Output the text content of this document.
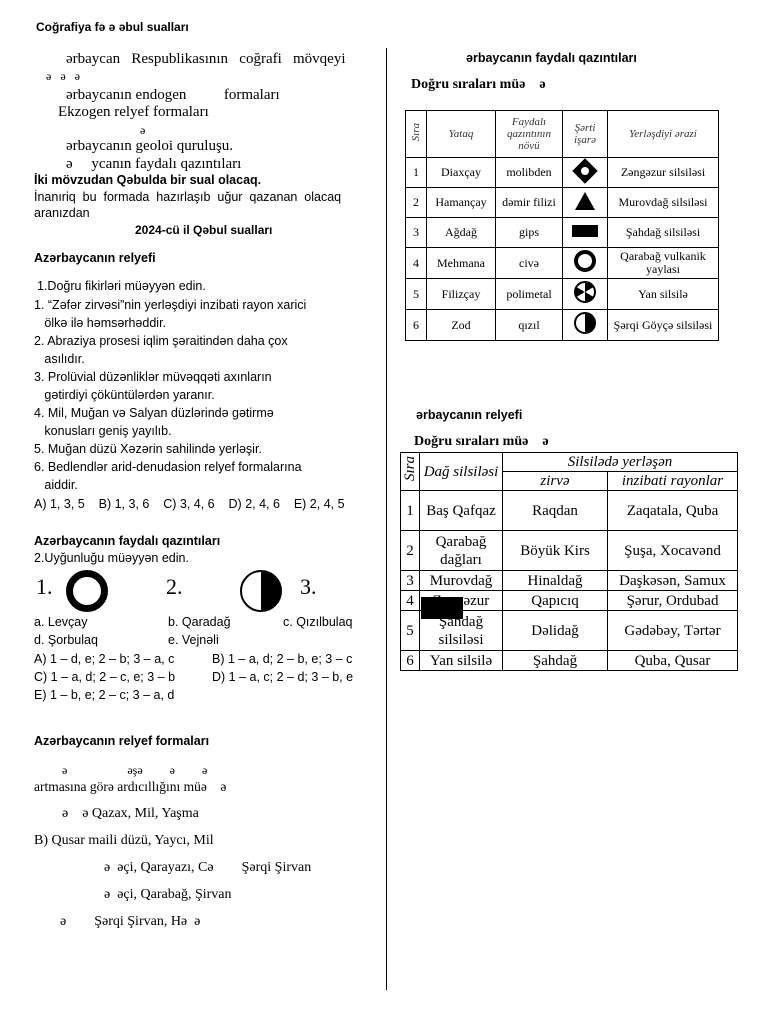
Coğrafiya fə ə əbul sualları
ərbaycan   Respublikasının   coğrafi   mövqeyi
ə   ə   ə
ərbaycanın endogen          formaları
Ekzogen relyef formaları
ə
ərbaycanın geoloi quruluşu.
ə     ycanın faydalı qazıntıları
İki mövzudan Qəbulda bir sual olacaq.
İnanıriq  bu  formada  hazırlaşıb  uğur  qazanan  olacaq
aranızdan
2024-cü il Qəbul sualları
Azərbaycanın relyefi
1.Doğru fikirləri müəyyən edin.
1. “Zəfər zirvəsi”nin yerləşdiyi inzibati rayon xarici
ölkə ilə həmsərhəddir.
2. Abraziya prosesi iqlim şəraitindən daha çox
asılıdır.
3. Prolüvial düzənliklər müvəqqəti axınların
gətirdiyi çöküntülərdən yaranır.
4. Mil, Muğan və Salyan düzlərində gətirmə
konusları geniş yayılıb.
5. Muğan düzü Xəzərin sahilində yerləşir.
6. Bedlendlər arid-denudasion relyef formalarına
aiddir.
A) 1, 3, 5    B) 1, 3, 6    C) 3, 4, 6    D) 2, 4, 6    E) 2, 4, 5
Azərbaycanın faydalı qazıntıları
2.Uyğunluğu müəyyən edin.
1.
	2.
	3.
a. Levçay	b. Qaradağ	c. Qızılbulaq
d. Şorbulaq	e. Vejnəli
A) 1 – d, e; 2 – b; 3 – a, c	B) 1 – a, d; 2 – b, e; 3 – c
C) 1 – a, d; 2 – c, e; 3 – b	D) 1 – a, c; 2 – d; 3 – b, e
E) 1 – b, e; 2 – c; 3 – a, d
Azərbaycanın relyef formaları
ə                    əşə         ə         ə
artmasına görə ardıcıllığını müə    ə
ə    ə Qazax, Mil, Yaşma
B) Qusar maili düzü, Yaycı, Mil
ə  əçi, Qarayazı, Cə        Şərqi Şirvan
ə  əçi, Qarabağ, Şirvan
ə        Şərqi Şirvan, Hə  ə
ərbaycanın faydalı qazıntıları
Doğru sıraları müə    ə
Sıra	Yataq	Faydalı qazıntının növü	Şərti işarə	Yerləşdiyi ərazi
1	Diaxçay	molibden		Zəngəzur silsiləsi
2	Hamançay	dəmir filizi		Murovdağ silsiləsi
3	Ağdağ	gips		Şahdağ silsiləsi
4	Mehmana	civə		Qarabağ vulkanik yaylası
5	Filizçay	polimetal		Yan silsilə
6	Zod	qızıl		Şərqi Göyçə silsiləsi
ərbaycanın relyefi
Doğru sıraları müə    ə
Sıra	Dağ silsiləsi	Silsilədə yerləşən	
		zirvə	inzibati rayonlar
1	Baş Qafqaz	Raqdan	Zaqatala, Quba
2	Qarabağ dağları	Böyük Kirs	Şuşa, Xocavənd
3	Murovdağ	Hinaldağ	Daşkəsən, Samux
4	Zəngəzur	Qapıcıq	Şərur, Ordubad
5	Şahdağ silsiləsi	Dəlidağ	Gədəbəy, Tərtər
6	Yan silsilə	Şahdağ	Quba, Qusar
